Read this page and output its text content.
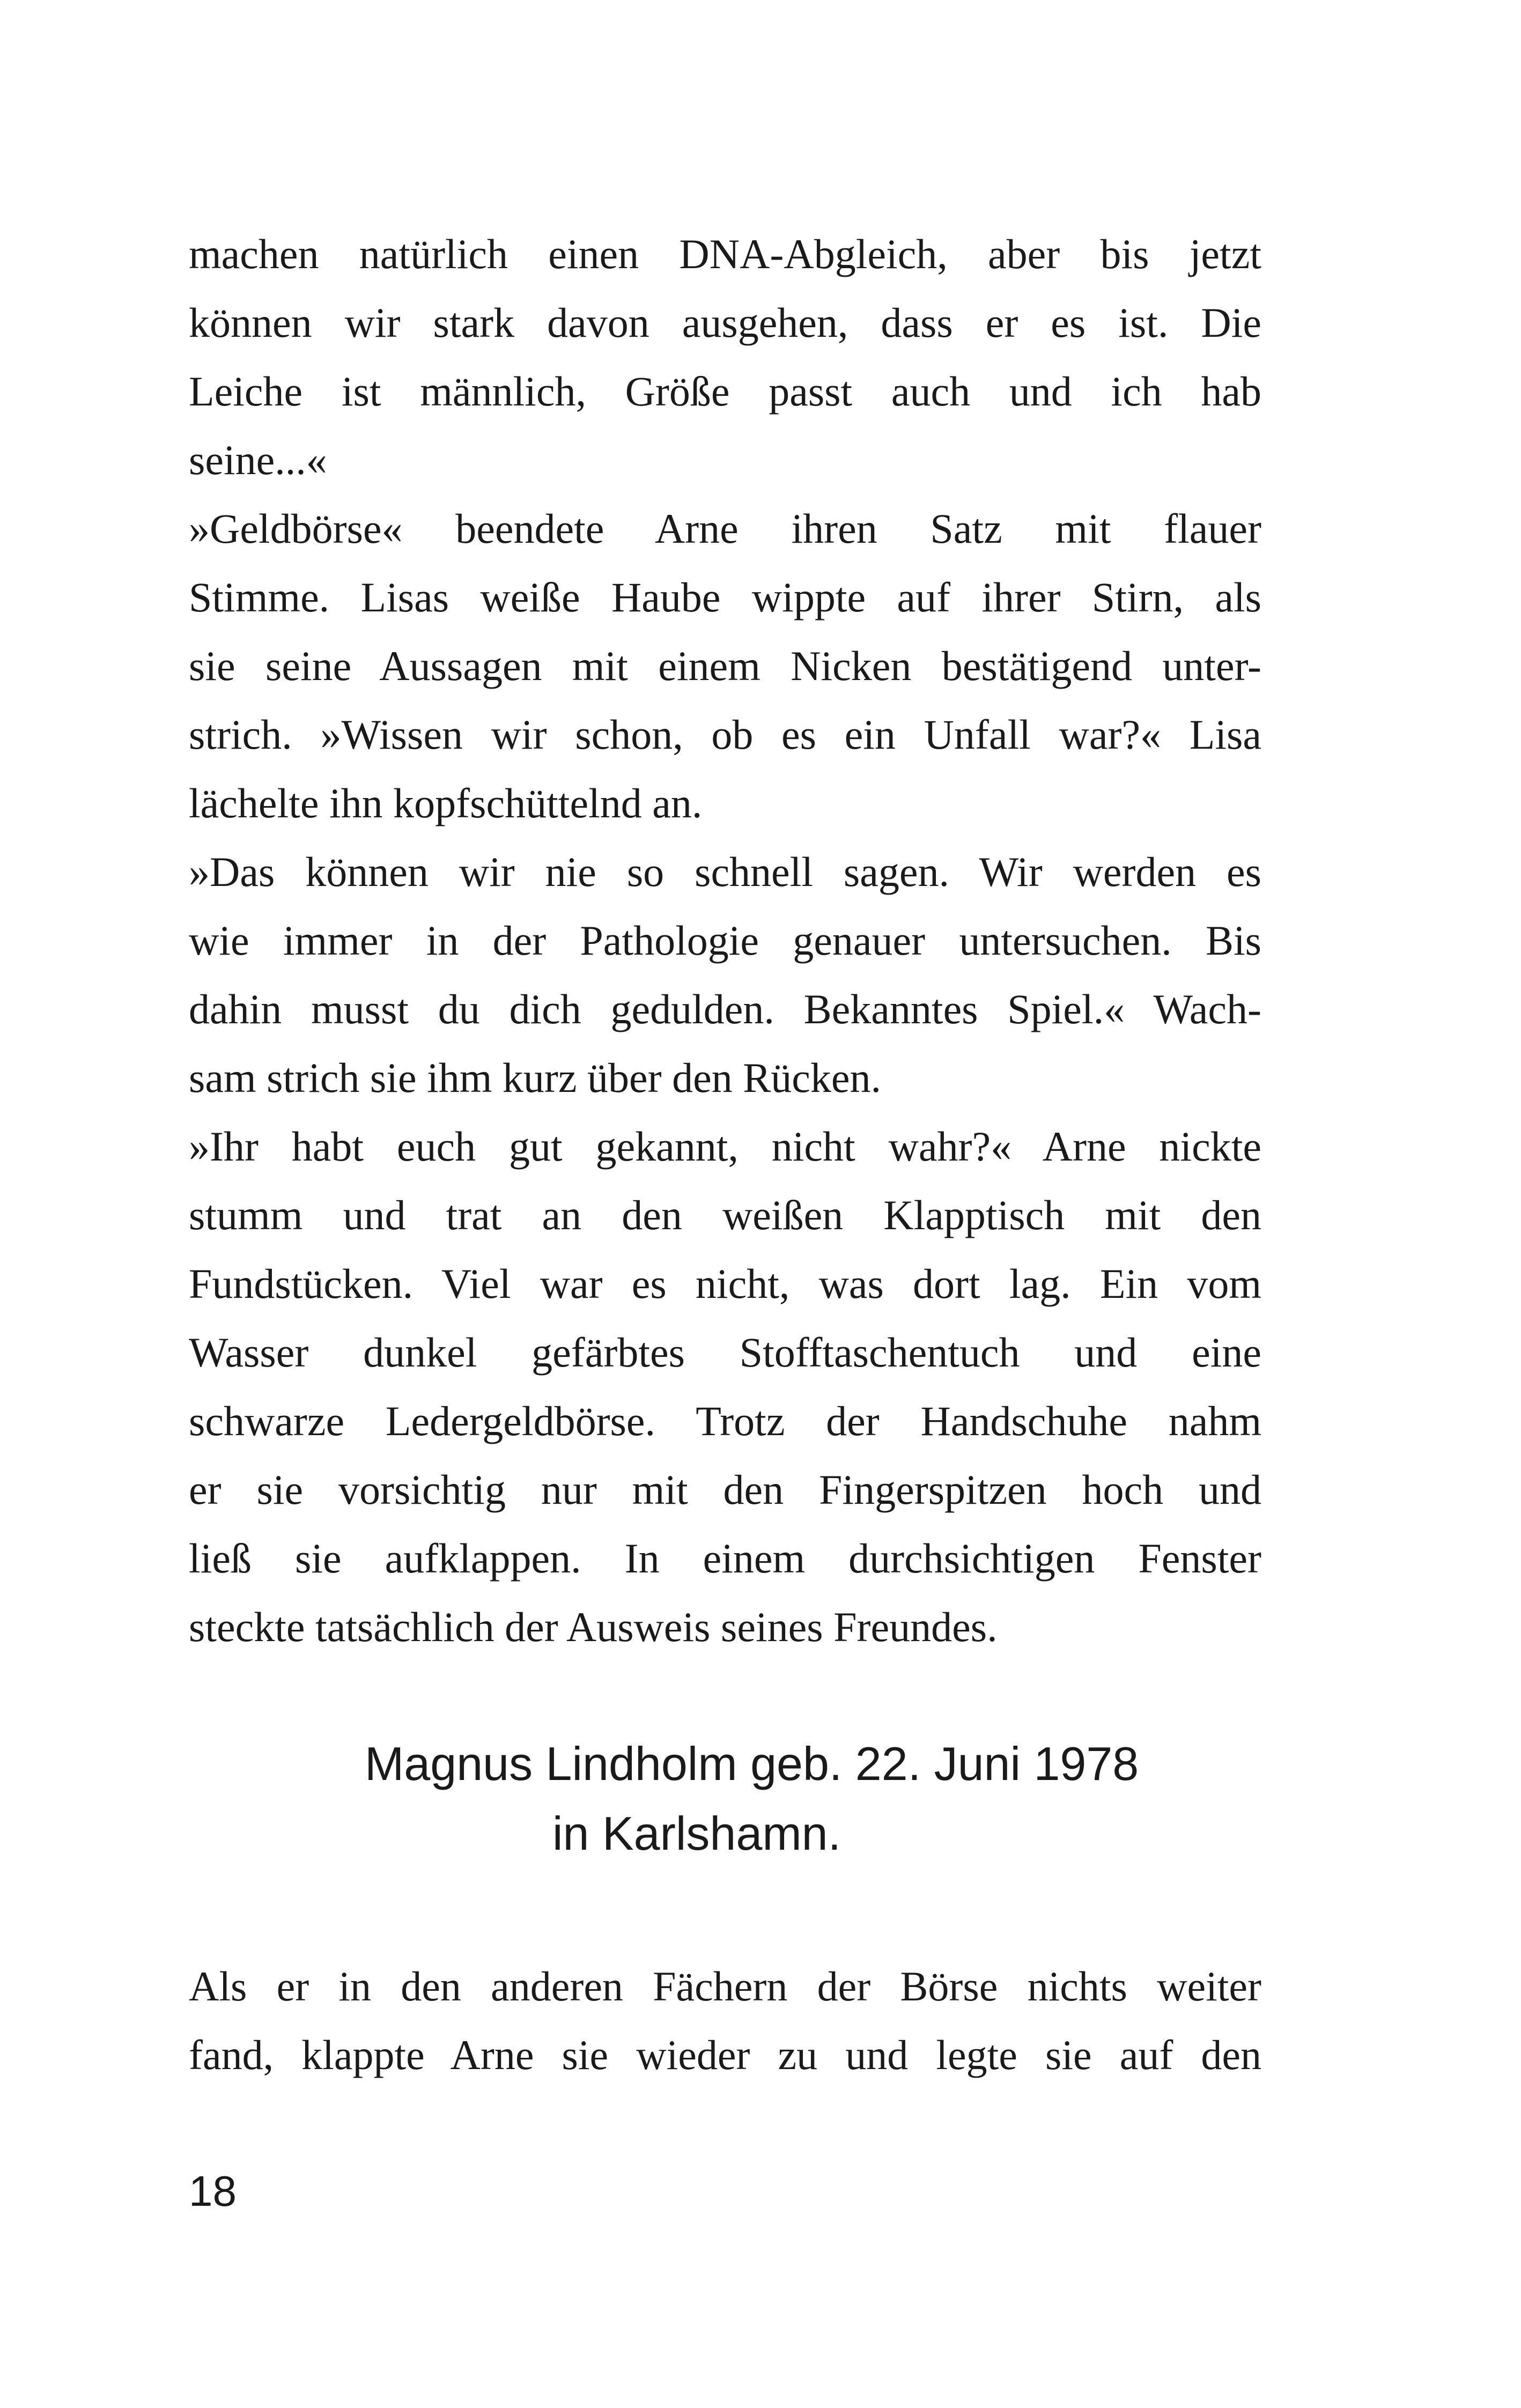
machen natürlich einen DNA-Abgleich, aber bis jetzt
können wir stark davon ausgehen, dass er es ist. Die
Leiche ist männlich, Größe passt auch und ich hab
seine...«
»Geldbörse« beendete Arne ihren Satz mit flauer
Stimme. Lisas weiße Haube wippte auf ihrer Stirn, als
sie seine Aussagen mit einem Nicken bestätigend unter-
strich. »Wissen wir schon, ob es ein Unfall war?« Lisa
lächelte ihn kopfschüttelnd an.
»Das können wir nie so schnell sagen. Wir werden es
wie immer in der Pathologie genauer untersuchen. Bis
dahin musst du dich gedulden. Bekanntes Spiel.« Wach-
sam strich sie ihm kurz über den Rücken.
»Ihr habt euch gut gekannt, nicht wahr?« Arne nickte
stumm und trat an den weißen Klapptisch mit den
Fundstücken. Viel war es nicht, was dort lag. Ein vom
Wasser dunkel gefärbtes Stofftaschentuch und eine
schwarze Ledergeldbörse. Trotz der Handschuhe nahm
er sie vorsichtig nur mit den Fingerspitzen hoch und
ließ sie aufklappen. In einem durchsichtigen Fenster
steckte tatsächlich der Ausweis seines Freundes.
Magnus Lindholm geb. 22. Juni 1978
in Karlshamn.
Als er in den anderen Fächern der Börse nichts weiter
fand, klappte Arne sie wieder zu und legte sie auf den
18
